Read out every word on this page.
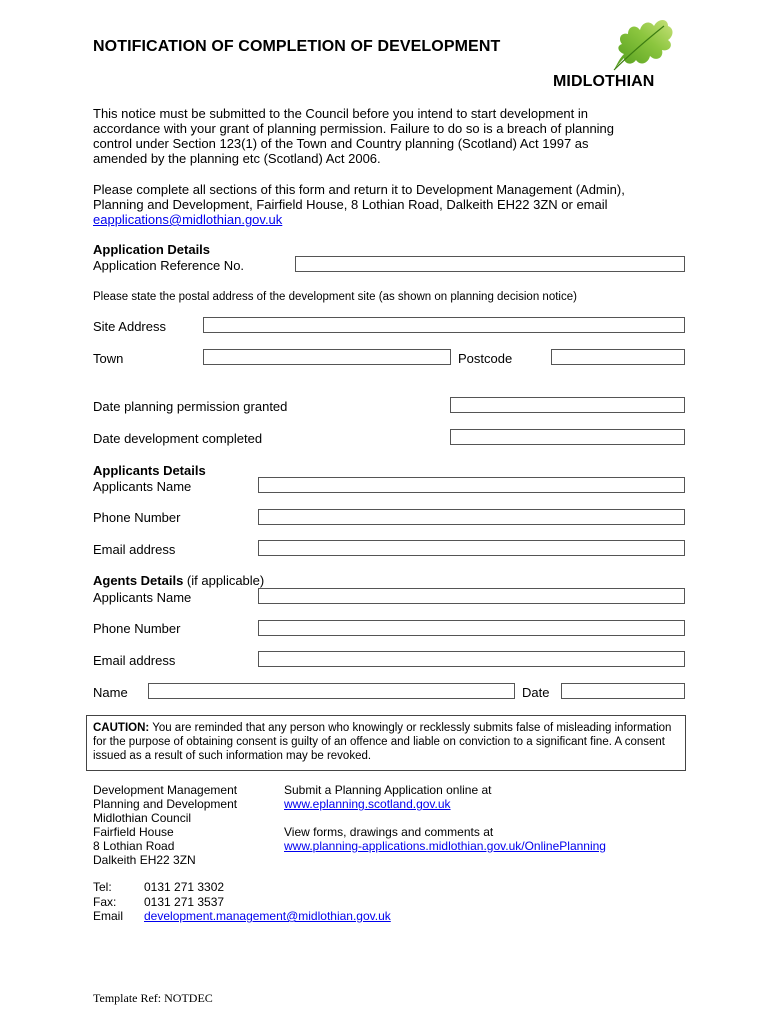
NOTIFICATION OF COMPLETION OF DEVELOPMENT
MIDLOTHIAN
This notice must be submitted to the Council before you intend to start development in
accordance with your grant of planning permission. Failure to do so is a breach of planning
control under Section 123(1) of the Town and Country planning (Scotland) Act 1997 as
amended by the planning etc (Scotland) Act 2006.
Please complete all sections of this form and return it to Development Management (Admin),
Planning and Development, Fairfield House, 8 Lothian Road, Dalkeith EH22 3ZN or email
eapplications@midlothian.gov.uk
Application Details
Application Reference No.
Please state the postal address of the development site (as shown on planning decision notice)
Site Address
Town	Postcode
Date planning permission granted
Date development completed
Applicants Details
Applicants Name
Phone Number
Email address
Agents Details (if applicable)
Applicants Name
Phone Number
Email address
Name	Date
CAUTION: You are reminded that any person who knowingly or recklessly submits false of misleading information for the purpose of obtaining consent is guilty of an offence and liable on conviction to a significant fine. A consent issued as a result of such information may be revoked.
Development Management
Planning and Development
Midlothian Council
Fairfield House
8 Lothian Road
Dalkeith EH22 3ZN
Submit a Planning Application online at
www.eplanning.scotland.gov.uk
View forms, drawings and comments at
www.planning-applications.midlothian.gov.uk/OnlinePlanning
Tel:	0131 271 3302
Fax: 0131 271 3537
Email development.management@midlothian.gov.uk
Template Ref: NOTDEC
